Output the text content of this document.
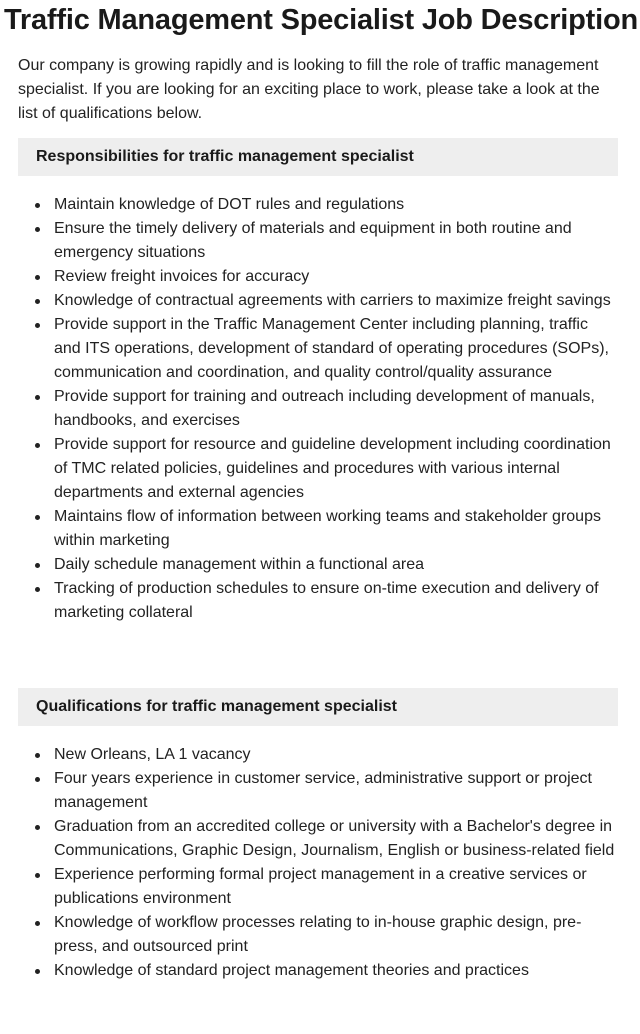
Traffic Management Specialist Job Description

Our company is growing rapidly and is looking to fill the role of traffic management specialist. If you are looking for an exciting place to work, please take a look at the list of qualifications below.

Responsibilities for traffic management specialist
Maintain knowledge of DOT rules and regulations
Ensure the timely delivery of materials and equipment in both routine and emergency situations
Review freight invoices for accuracy
Knowledge of contractual agreements with carriers to maximize freight savings
Provide support in the Traffic Management Center including planning, traffic and ITS operations, development of standard of operating procedures (SOPs), communication and coordination, and quality control/quality assurance
Provide support for training and outreach including development of manuals, handbooks, and exercises
Provide support for resource and guideline development including coordination of TMC related policies, guidelines and procedures with various internal departments and external agencies
Maintains flow of information between working teams and stakeholder groups within marketing
Daily schedule management within a functional area
Tracking of production schedules to ensure on-time execution and delivery of marketing collateral
Qualifications for traffic management specialist
New Orleans, LA 1 vacancy
Four years experience in customer service, administrative support or project management
Graduation from an accredited college or university with a Bachelor's degree in Communications, Graphic Design, Journalism, English or business-related field
Experience performing formal project management in a creative services or publications environment
Knowledge of workflow processes relating to in-house graphic design, pre-press, and outsourced print
Knowledge of standard project management theories and practices
